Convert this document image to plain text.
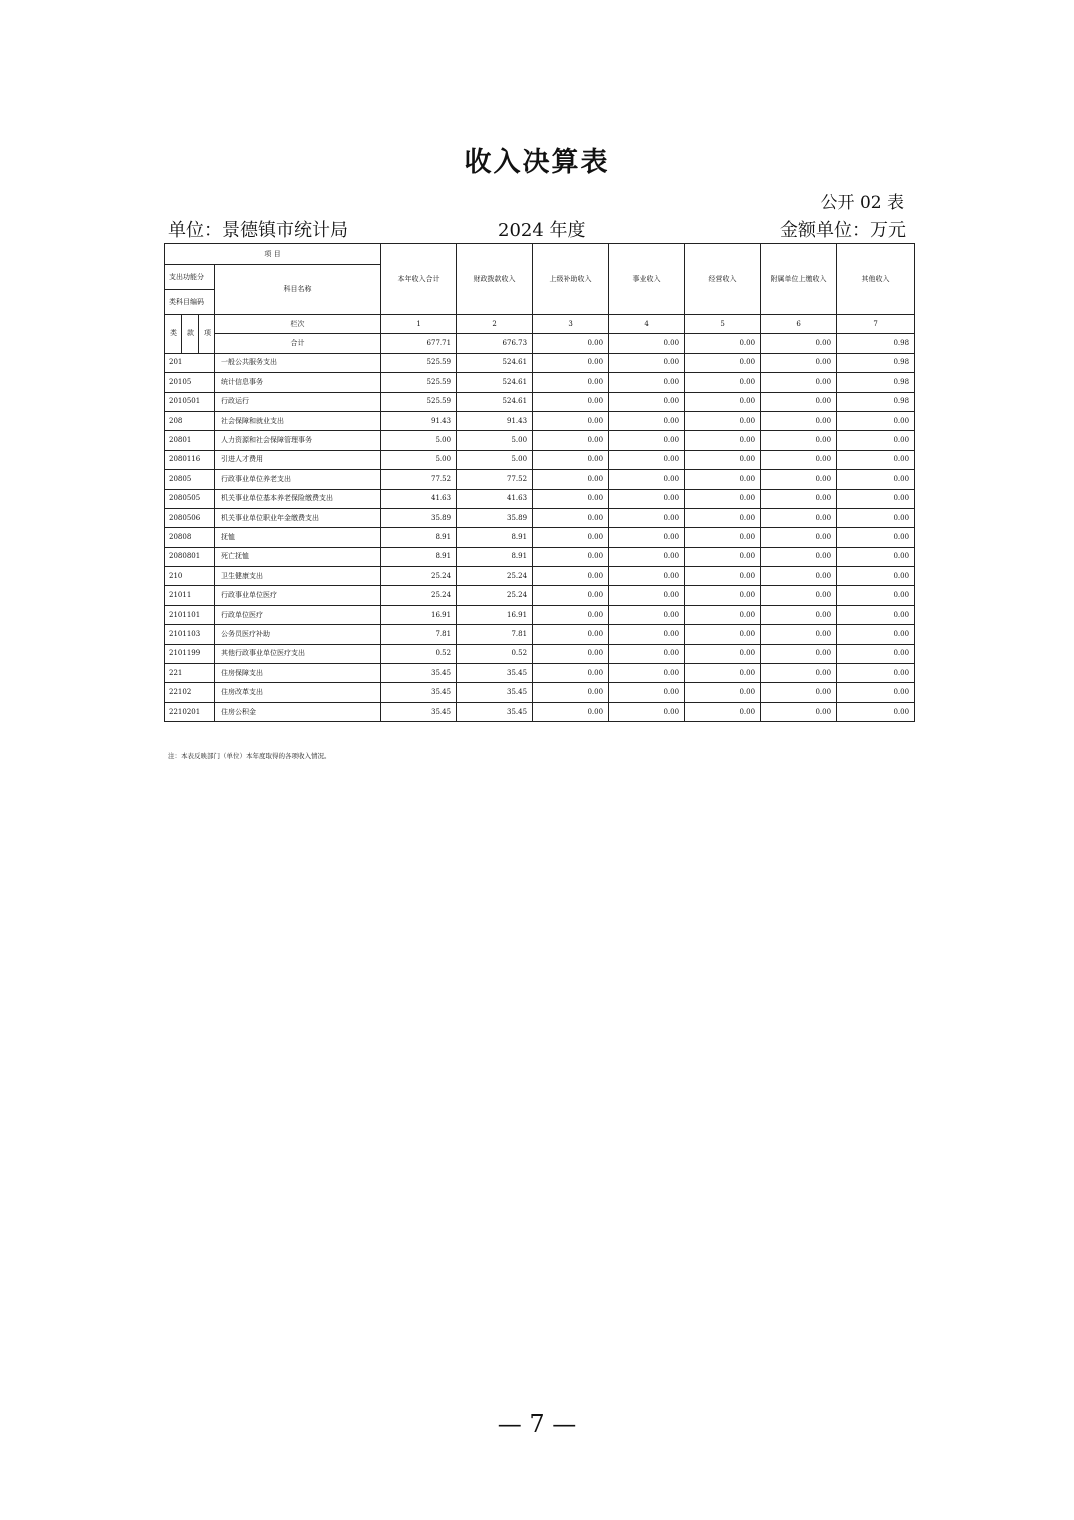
收入决算表
公开 02 表
单位：景德镇市统计局	2024 年度	金额单位：万元
项 目				本年收入合计	财政拨款收入	上级补助收入	事业收入	经营收入	附属单位上缴收入	其他收入
支出功能分			科目名称							
类科目编码										
类	款	项	栏次	1	2	3	4	5	6	7
			合计	677.71	676.73	0.00	0.00	0.00	0.00	0.98
201			一般公共服务支出	525.59	524.61	0.00	0.00	0.00	0.00	0.98
20105			统计信息事务	525.59	524.61	0.00	0.00	0.00	0.00	0.98
2010501			行政运行	525.59	524.61	0.00	0.00	0.00	0.00	0.98
208			社会保障和就业支出	91.43	91.43	0.00	0.00	0.00	0.00	0.00
20801			人力资源和社会保障管理事务	5.00	5.00	0.00	0.00	0.00	0.00	0.00
2080116			引进人才费用	5.00	5.00	0.00	0.00	0.00	0.00	0.00
20805			行政事业单位养老支出	77.52	77.52	0.00	0.00	0.00	0.00	0.00
2080505			机关事业单位基本养老保险缴费支出	41.63	41.63	0.00	0.00	0.00	0.00	0.00
2080506			机关事业单位职业年金缴费支出	35.89	35.89	0.00	0.00	0.00	0.00	0.00
20808			抚恤	8.91	8.91	0.00	0.00	0.00	0.00	0.00
2080801			死亡抚恤	8.91	8.91	0.00	0.00	0.00	0.00	0.00
210			卫生健康支出	25.24	25.24	0.00	0.00	0.00	0.00	0.00
21011			行政事业单位医疗	25.24	25.24	0.00	0.00	0.00	0.00	0.00
2101101			行政单位医疗	16.91	16.91	0.00	0.00	0.00	0.00	0.00
2101103			公务员医疗补助	7.81	7.81	0.00	0.00	0.00	0.00	0.00
2101199			其他行政事业单位医疗支出	0.52	0.52	0.00	0.00	0.00	0.00	0.00
221			住房保障支出	35.45	35.45	0.00	0.00	0.00	0.00	0.00
22102			住房改革支出	35.45	35.45	0.00	0.00	0.00	0.00	0.00
2210201			住房公积金	35.45	35.45	0.00	0.00	0.00	0.00	0.00
注：本表反映部门（单位）本年度取得的各项收入情况。
— 7 —
